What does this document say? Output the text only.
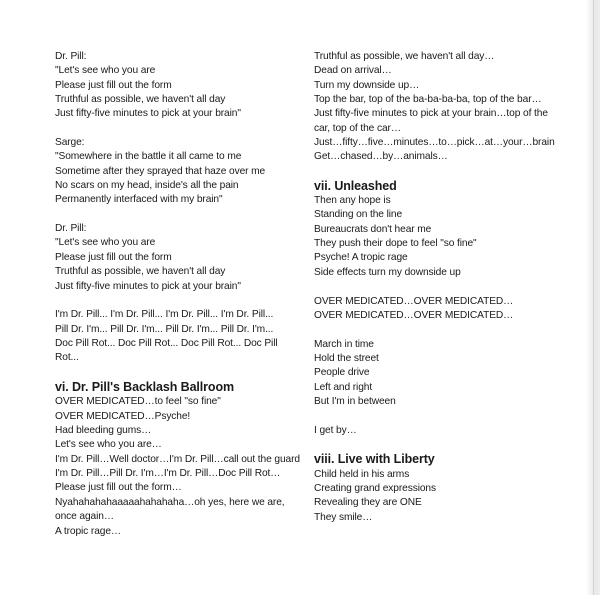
Dr. Pill:
"Let's see who you are
Please just fill out the form
Truthful as possible, we haven't all day
Just fifty-five minutes to pick at your brain"
Sarge:
"Somewhere in the battle it all came to me
Sometime after they sprayed that haze over me
No scars on my head, inside's all the pain
Permanently interfaced with my brain"
Dr. Pill:
"Let's see who you are
Please just fill out the form
Truthful as possible, we haven't all day
Just fifty-five minutes to pick at your brain"
I'm Dr. Pill... I'm Dr. Pill... I'm Dr. Pill... I'm Dr. Pill...
Pill Dr. I'm... Pill Dr. I'm... Pill Dr. I'm... Pill Dr. I'm...
Doc Pill Rot... Doc Pill Rot... Doc Pill Rot... Doc Pill
Rot...
vi. Dr. Pill's Backlash Ballroom
OVER MEDICATED…to feel "so fine"
OVER MEDICATED…Psyche!
Had bleeding gums…
Let's see who you are…
I'm Dr. Pill…Well doctor…I'm Dr. Pill…call out the guard
I'm Dr. Pill…Pill Dr. I'm…I'm Dr. Pill…Doc Pill Rot…
Please just fill out the form…
Nyahahahahaaaaahahahaha…oh yes, here we are,
once again…
A tropic rage…
Truthful as possible, we haven't all day…
Dead on arrival…
Turn my downside up…
Top the bar, top of the ba-ba-ba-ba, top of the bar…
Just fifty-five minutes to pick at your brain…top of the
car, top of the car…
Just…fifty…five…minutes…to…pick…at…your…brain
Get…chased…by…animals…
vii. Unleashed
Then any hope is
Standing on the line
Bureaucrats don't hear me
They push their dope to feel "so fine"
Psyche! A tropic rage
Side effects turn my downside up
OVER MEDICATED…OVER MEDICATED…
OVER MEDICATED…OVER MEDICATED…
March in time
Hold the street
People drive
Left and right
But I'm in between
I get by…
viii. Live with Liberty
Child held in his arms
Creating grand expressions
Revealing they are ONE
They smile…
